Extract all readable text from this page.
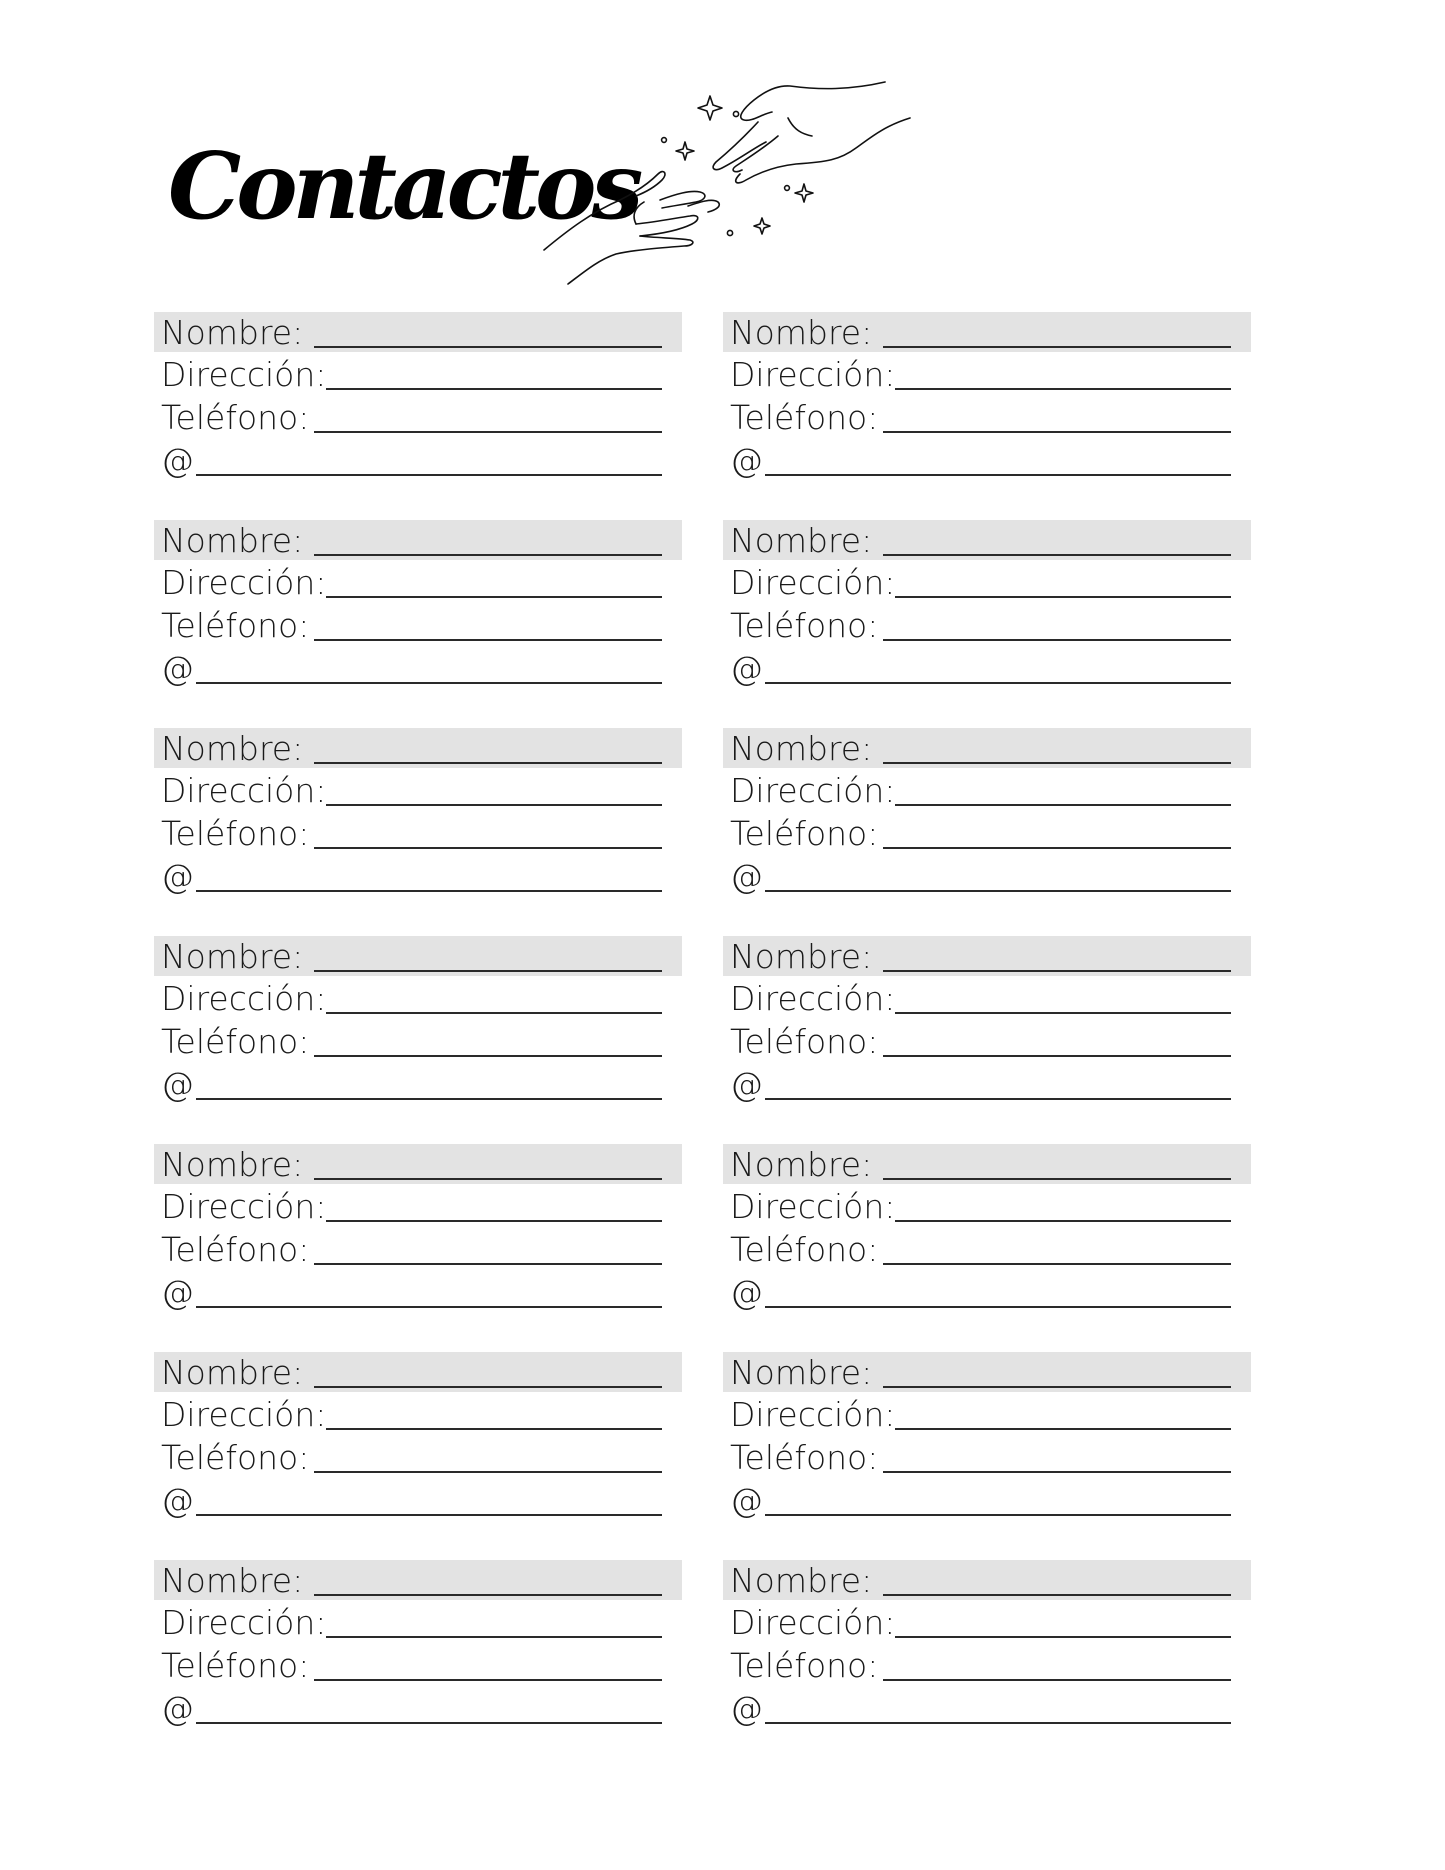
Contactos
Nombre:
Dirección:
Teléfono:
@
Nombre:
Dirección:
Teléfono:
@
Nombre:
Dirección:
Teléfono:
@
Nombre:
Dirección:
Teléfono:
@
Nombre:
Dirección:
Teléfono:
@
Nombre:
Dirección:
Teléfono:
@
Nombre:
Dirección:
Teléfono:
@
Nombre:
Dirección:
Teléfono:
@
Nombre:
Dirección:
Teléfono:
@
Nombre:
Dirección:
Teléfono:
@
Nombre:
Dirección:
Teléfono:
@
Nombre:
Dirección:
Teléfono:
@
Nombre:
Dirección:
Teléfono:
@
Nombre:
Dirección:
Teléfono:
@
